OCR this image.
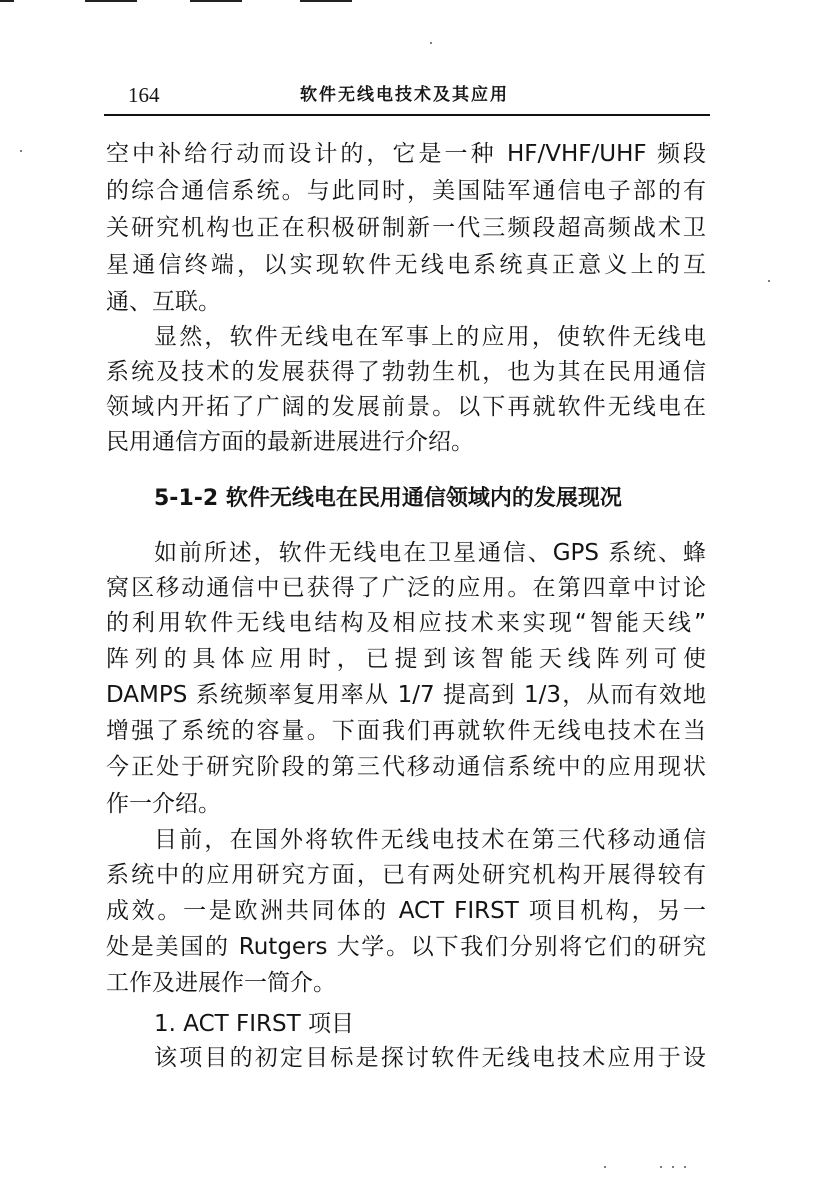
164	软件无线电技术及其应用
空中补给行动而设计的，它是一种 HF/VHF/UHF 频段
的综合通信系统。与此同时，美国陆军通信电子部的有
关研究机构也正在积极研制新一代三频段超高频战术卫
星通信终端，以实现软件无线电系统真正意义上的互
通、互联。
显然，软件无线电在军事上的应用，使软件无线电
系统及技术的发展获得了勃勃生机，也为其在民用通信
领域内开拓了广阔的发展前景。以下再就软件无线电在
民用通信方面的最新进展进行介绍。
5-1-2 软件无线电在民用通信领域内的发展现况
如前所述，软件无线电在卫星通信、GPS 系统、蜂
窝区移动通信中已获得了广泛的应用。在第四章中讨论
的利用软件无线电结构及相应技术来实现“智能天线”
阵列的具体应用时，已提到该智能天线阵列可使
DAMPS 系统频率复用率从 1/7 提高到 1/3，从而有效地
增强了系统的容量。下面我们再就软件无线电技术在当
今正处于研究阶段的第三代移动通信系统中的应用现状
作一介绍。
目前，在国外将软件无线电技术在第三代移动通信
系统中的应用研究方面，已有两处研究机构开展得较有
成效。一是欧洲共同体的 ACT FIRST 项目机构，另一
处是美国的 Rutgers 大学。以下我们分别将它们的研究
工作及进展作一简介。
1. ACT FIRST 项目
该项目的初定目标是探讨软件无线电技术应用于设
